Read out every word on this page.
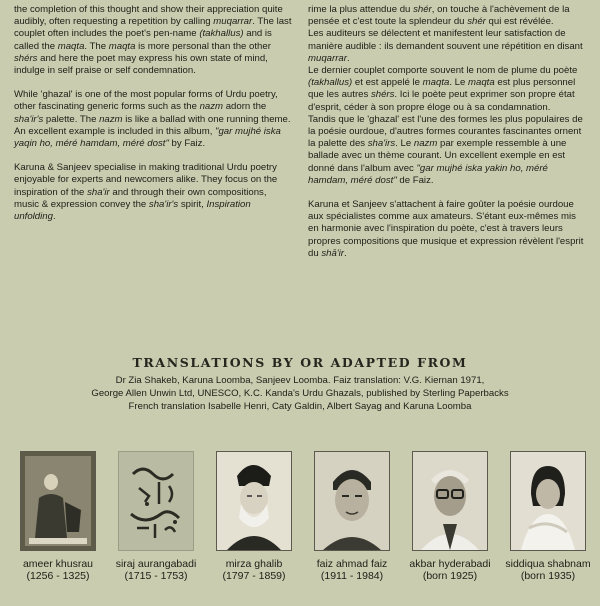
the completion of this thought and show their appreciation quite audibly, often requesting a repetition by calling muqarrar. The last couplet often includes the poet's pen-name (takhallus) and is called the maqta. The maqta is more personal than the other shérs and here the poet may express his own state of mind, indulge in self praise or self condemnation.

While 'ghazal' is one of the most popular forms of Urdu poetry, other fascinating generic forms such as the nazm adorn the sha'ir's palette. The nazm is like a ballad with one running theme. An excellent example is included in this album, "gar mujhé iska yaqin ho, méré hamdam, méré dost" by Faiz.

Karuna & Sanjeev specialise in making traditional Urdu poetry enjoyable for experts and newcomers alike. They focus on the inspiration of the sha'ir and through their own compositions, music & expression convey the sha'ir's spirit, Inspiration unfolding.

rime la plus attendue du shér, on touche à l'achèvement de la pensée et c'est toute la splendeur du shér qui est révélée.

Les auditeurs se délectent et manifestent leur satisfaction de manière audible : ils demandent souvent une répétition en disant muqarrar.

Le dernier couplet comporte souvent le nom de plume du poète (takhallus) et est appelé le maqta. Le maqta est plus personnel que les autres shérs. Ici le poète peut exprimer son propre état d'esprit, céder à son propre éloge ou à sa condamnation.

Tandis que le 'ghazal' est l'une des formes les plus populaires de la poésie ourdoue, d'autres formes courantes fascinantes ornent la palette des sha'irs. Le nazm par exemple ressemble à une ballade avec un thème courant. Un excellent exemple en est donné dans l'album avec "gar mujhé iska yakin ho, méré hamdam, méré dost" de Faiz.

Karuna et Sanjeev s'attachent à faire goûter la poésie ourdoue aux spécialistes comme aux amateurs. S'étant eux-mêmes mis en harmonie avec l'inspiration du poète, c'est à travers leurs propres compositions que musique et expression révèlent l'esprit du shā'ir.

TRANSLATIONS BY OR ADAPTED FROM
Dr Zia Shakeb, Karuna Loomba, Sanjeev Loomba. Faiz translation: V.G. Kiernan 1971,
George Allen Unwin Ltd, UNESCO, K.C. Kanda's Urdu Ghazals, published by Sterling Paperbacks
French translation Isabelle Henri, Caty Galdin, Albert Sayag and Karuna Loomba
ameer khusrau
(1256 - 1325)
siraj aurangabadi
(1715 - 1753)
mirza ghalib
(1797 - 1859)
faiz ahmad faiz
(1911 - 1984)
akbar hyderabadi
(born 1925)
siddiqua shabnam
(born 1935)
